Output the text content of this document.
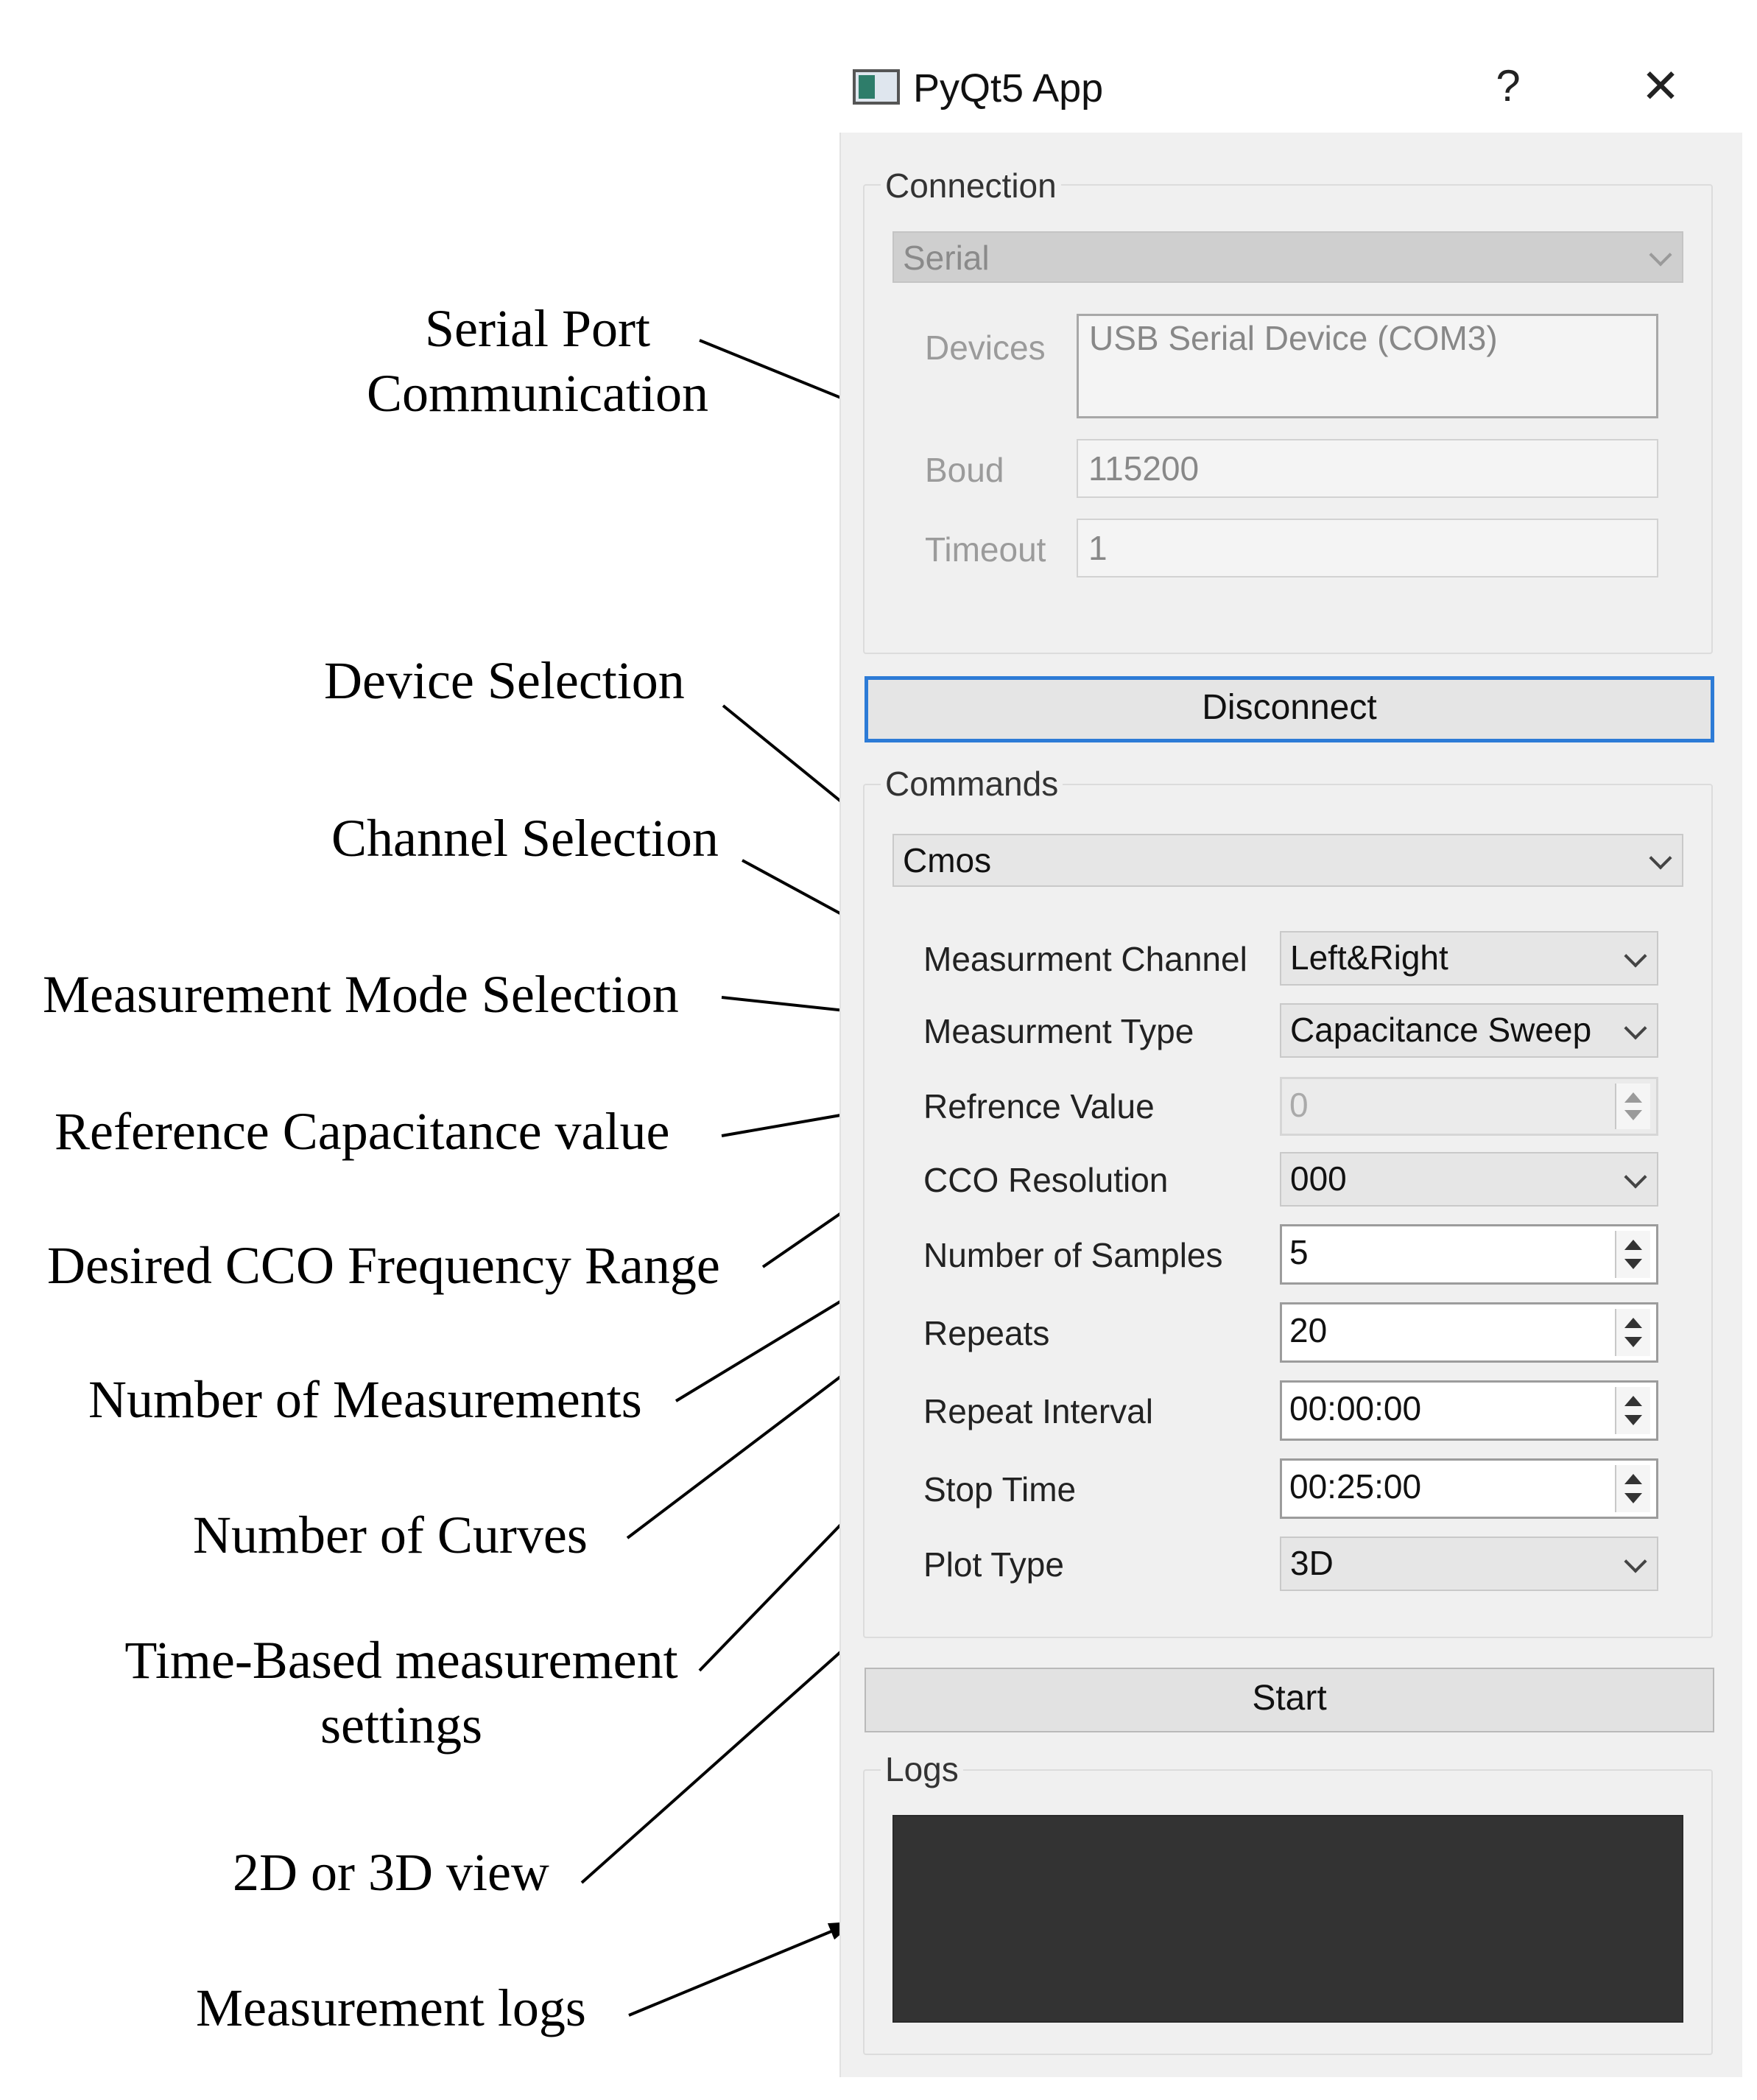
Serial Port
Communication
Device Selection
Channel Selection
Measurement Mode Selection
Reference Capacitance value
Desired CCO Frequency Range
Number of Measurements
Number of Curves
Time-Based measurement
settings
2D or 3D view
Measurement logs
PyQt5 App	?	✕
Connection
Serial
Devices	USB Serial Device (COM3)
Boud	115200
Timeout	1
Disconnect
Commands
Cmos
Measurment Channel	Left&Right
Measurment Type	Capacitance Sweep
Refrence Value	0
CCO Resolution	000
Number of Samples 5
Repeats	20
Repeat Interval	00:00:00
Stop Time	00:25:00
Plot Type	3D
Start
Logs
